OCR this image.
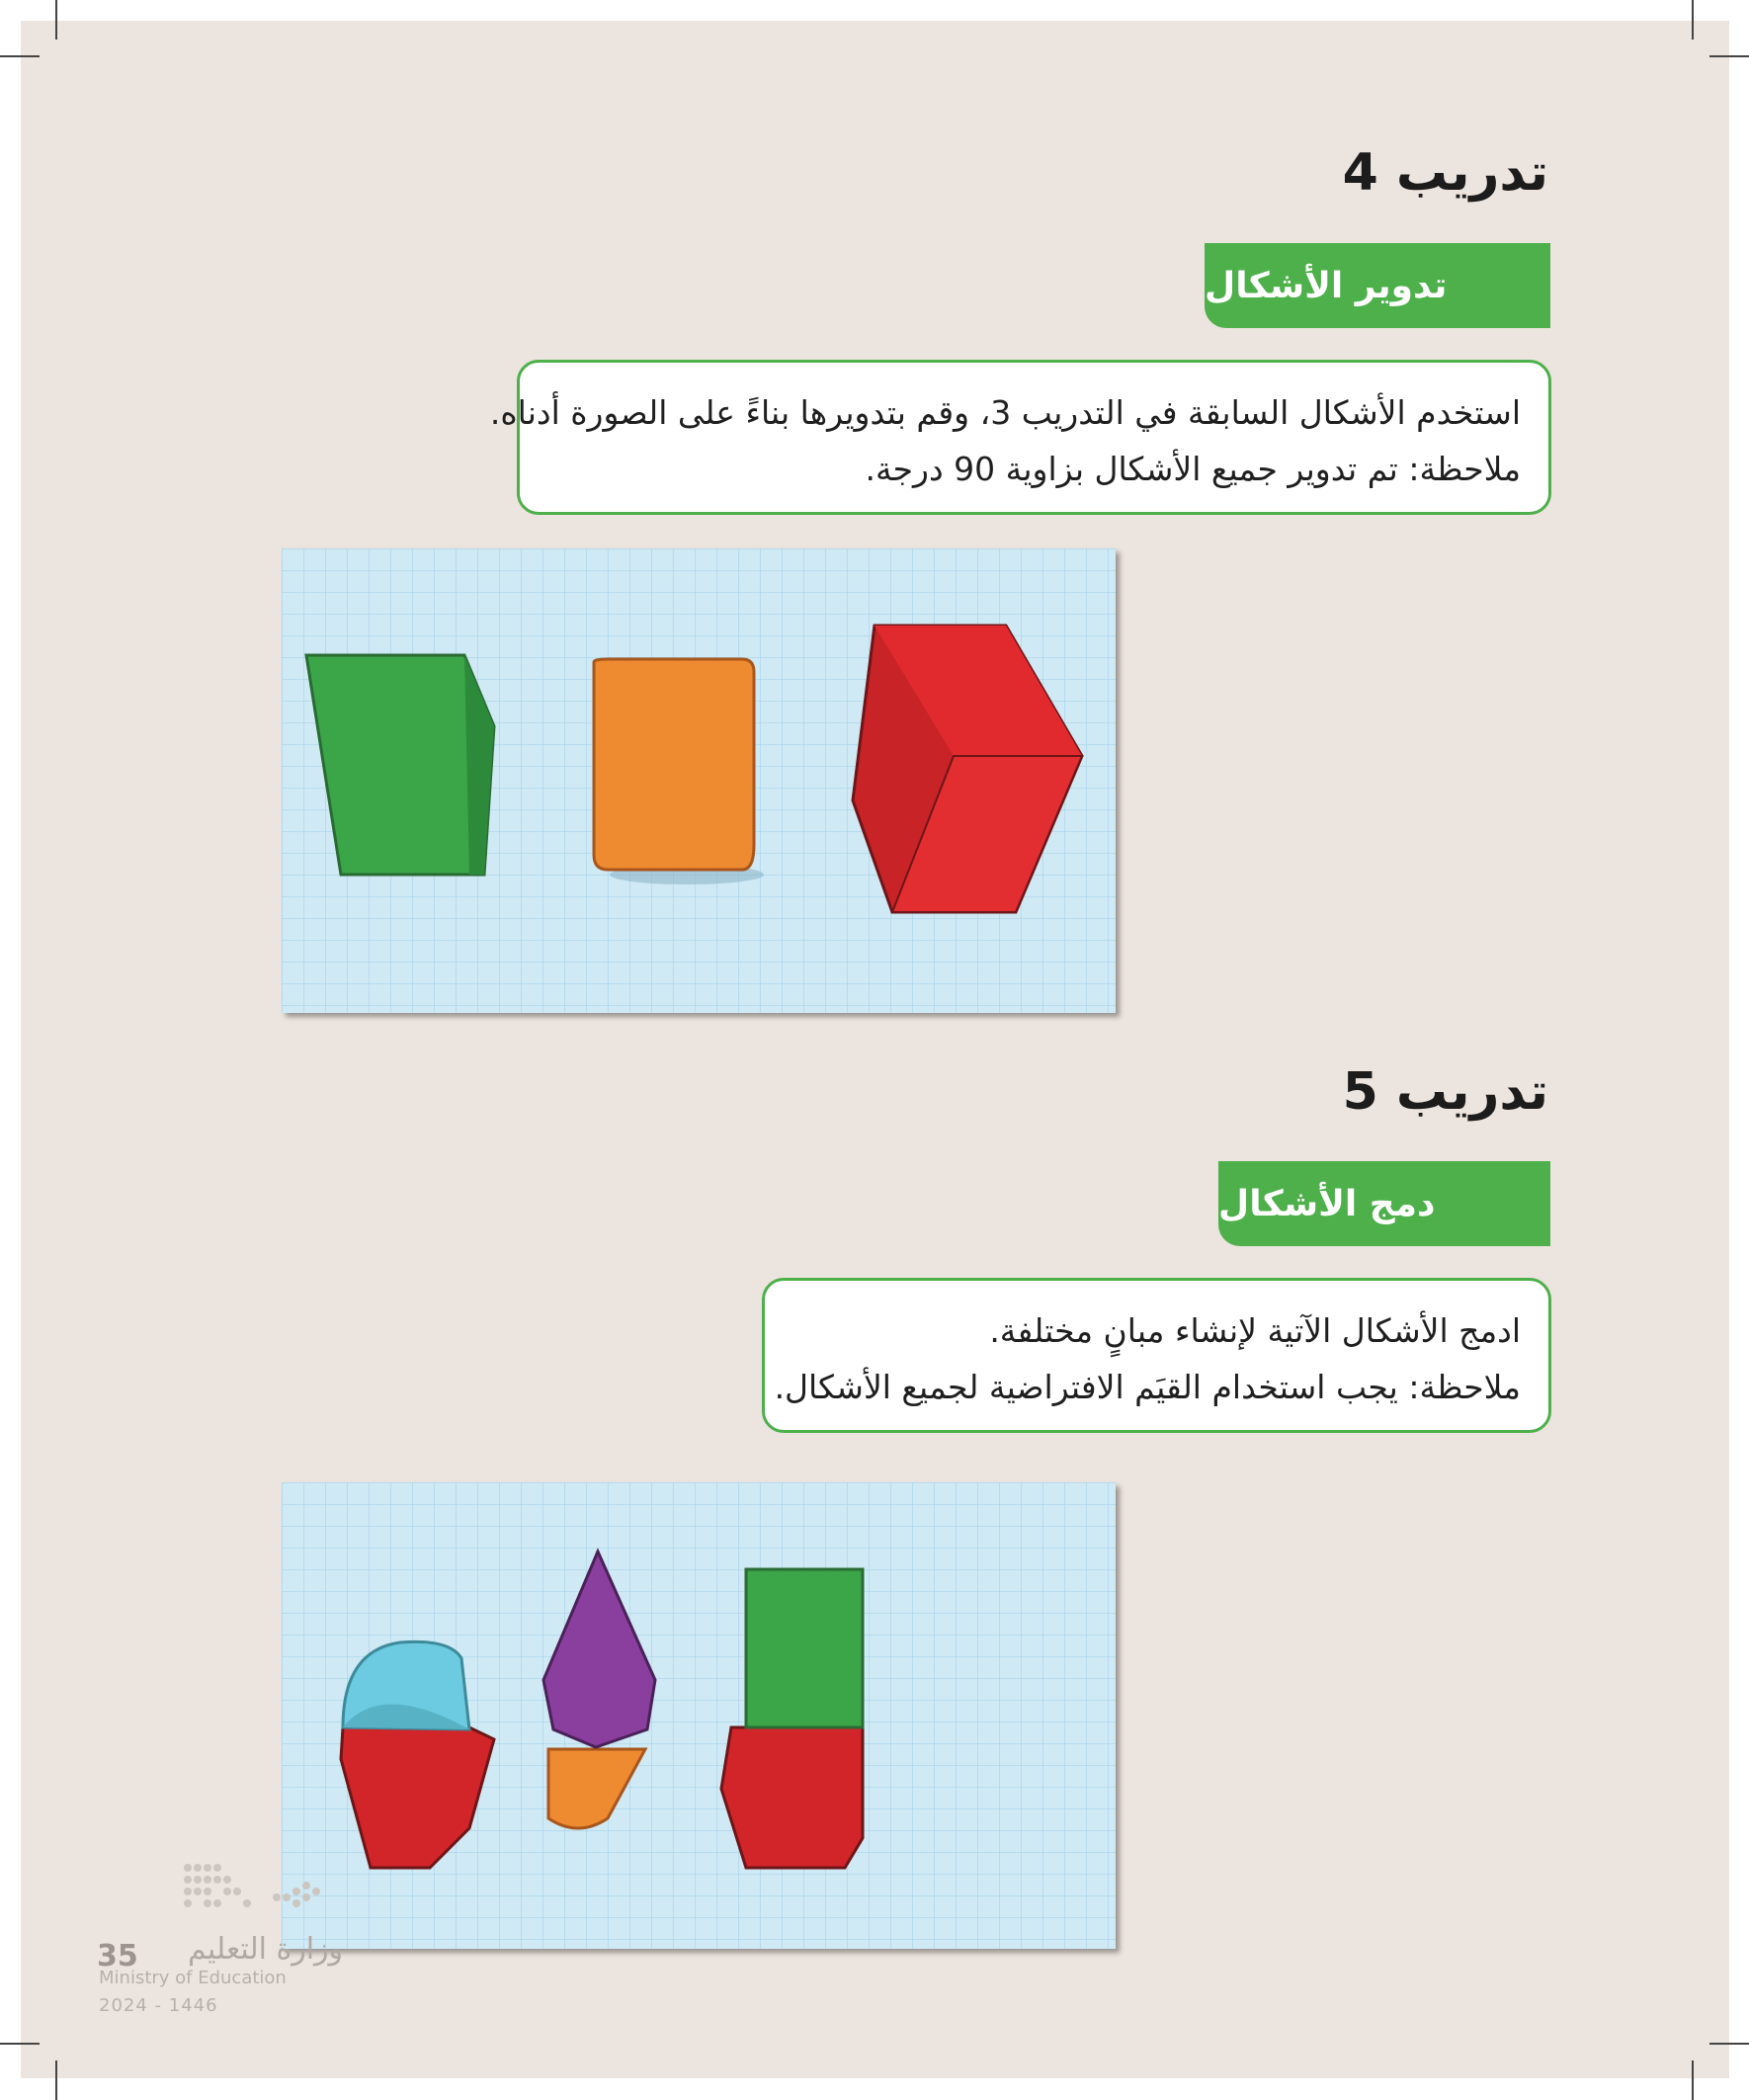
تدريب 4
تدوير الأشكال

استخدم الأشكال السابقة في التدريب 3، وقم بتدويرها بناءً على الصورة أدناه.

ملاحظة: تم تدوير جميع الأشكال بزاوية 90 درجة.

تدريب 5
دمج الأشكال

ادمج الأشكال الآتية لإنشاء مبانٍ مختلفة.

ملاحظة: يجب استخدام القيَم الافتراضية لجميع الأشكال.

35 وزارة التعليم
Ministry of Education
2024 - 1446
